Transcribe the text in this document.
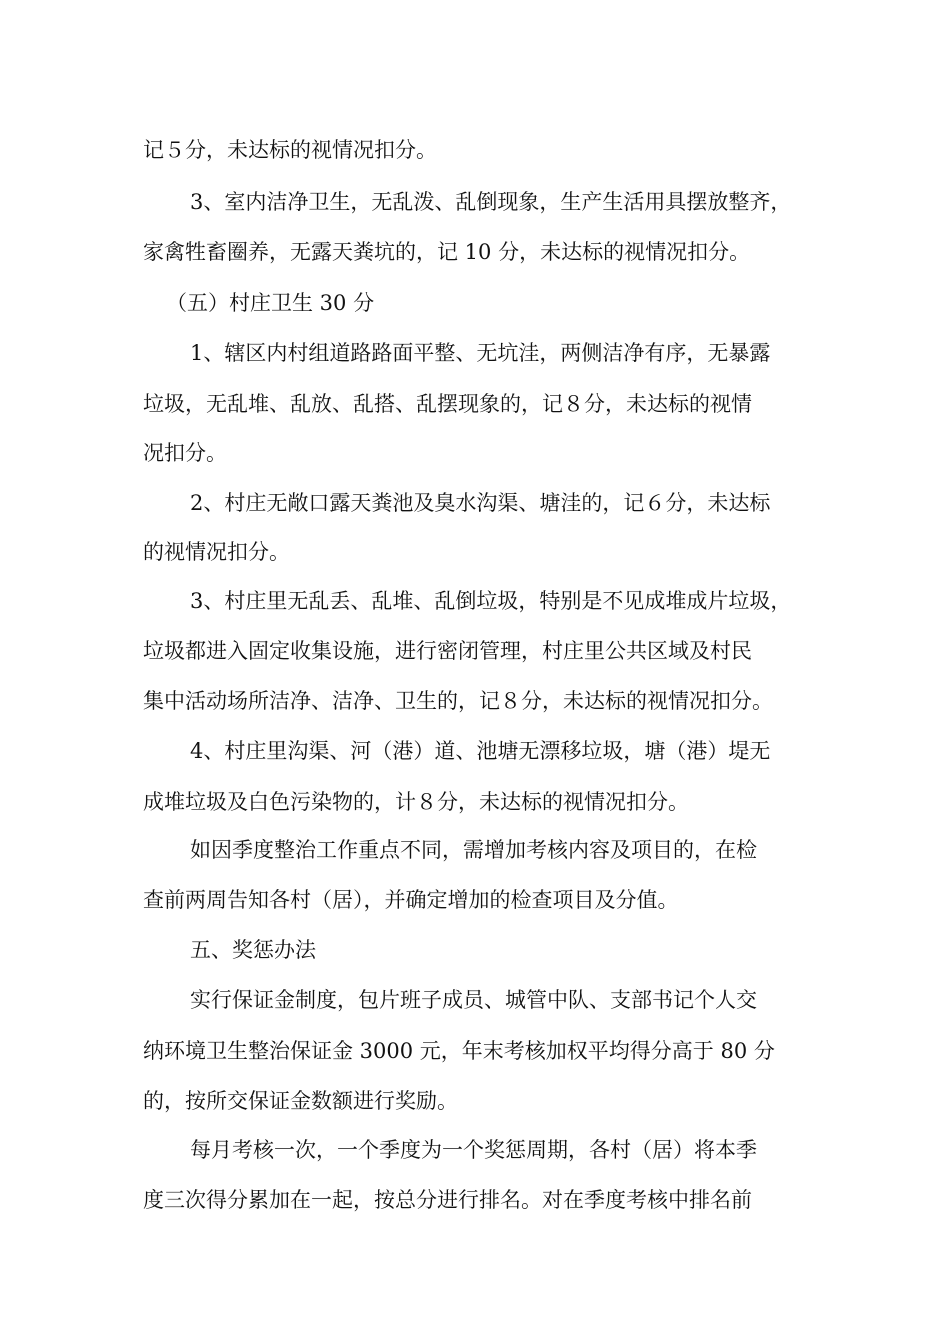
记５分，未达标的视情况扣分。
3、室内洁净卫生，无乱泼、乱倒现象，生产生活用具摆放整齐，
家禽牲畜圈养，无露天粪坑的，记 10 分，未达标的视情况扣分。
（五）村庄卫生 30 分
1、辖区内村组道路路面平整、无坑洼，两侧洁净有序，无暴露
垃圾，无乱堆、乱放、乱搭、乱摆现象的，记８分，未达标的视情
况扣分。
2、村庄无敞口露天粪池及臭水沟渠、塘洼的，记６分，未达标
的视情况扣分。
3、村庄里无乱丢、乱堆、乱倒垃圾，特别是不见成堆成片垃圾，
垃圾都进入固定收集设施，进行密闭管理，村庄里公共区域及村民
集中活动场所洁净、洁净、卫生的，记８分，未达标的视情况扣分。
4、村庄里沟渠、河（港）道、池塘无漂移垃圾，塘（港）堤无
成堆垃圾及白色污染物的，计８分，未达标的视情况扣分。
如因季度整治工作重点不同，需增加考核内容及项目的，在检
查前两周告知各村（居），并确定增加的检查项目及分值。
五、奖惩办法
实行保证金制度，包片班子成员、城管中队、支部书记个人交
纳环境卫生整治保证金 3000 元，年末考核加权平均得分高于 80 分
的，按所交保证金数额进行奖励。
每月考核一次，一个季度为一个奖惩周期，各村（居）将本季
度三次得分累加在一起，按总分进行排名。对在季度考核中排名前
